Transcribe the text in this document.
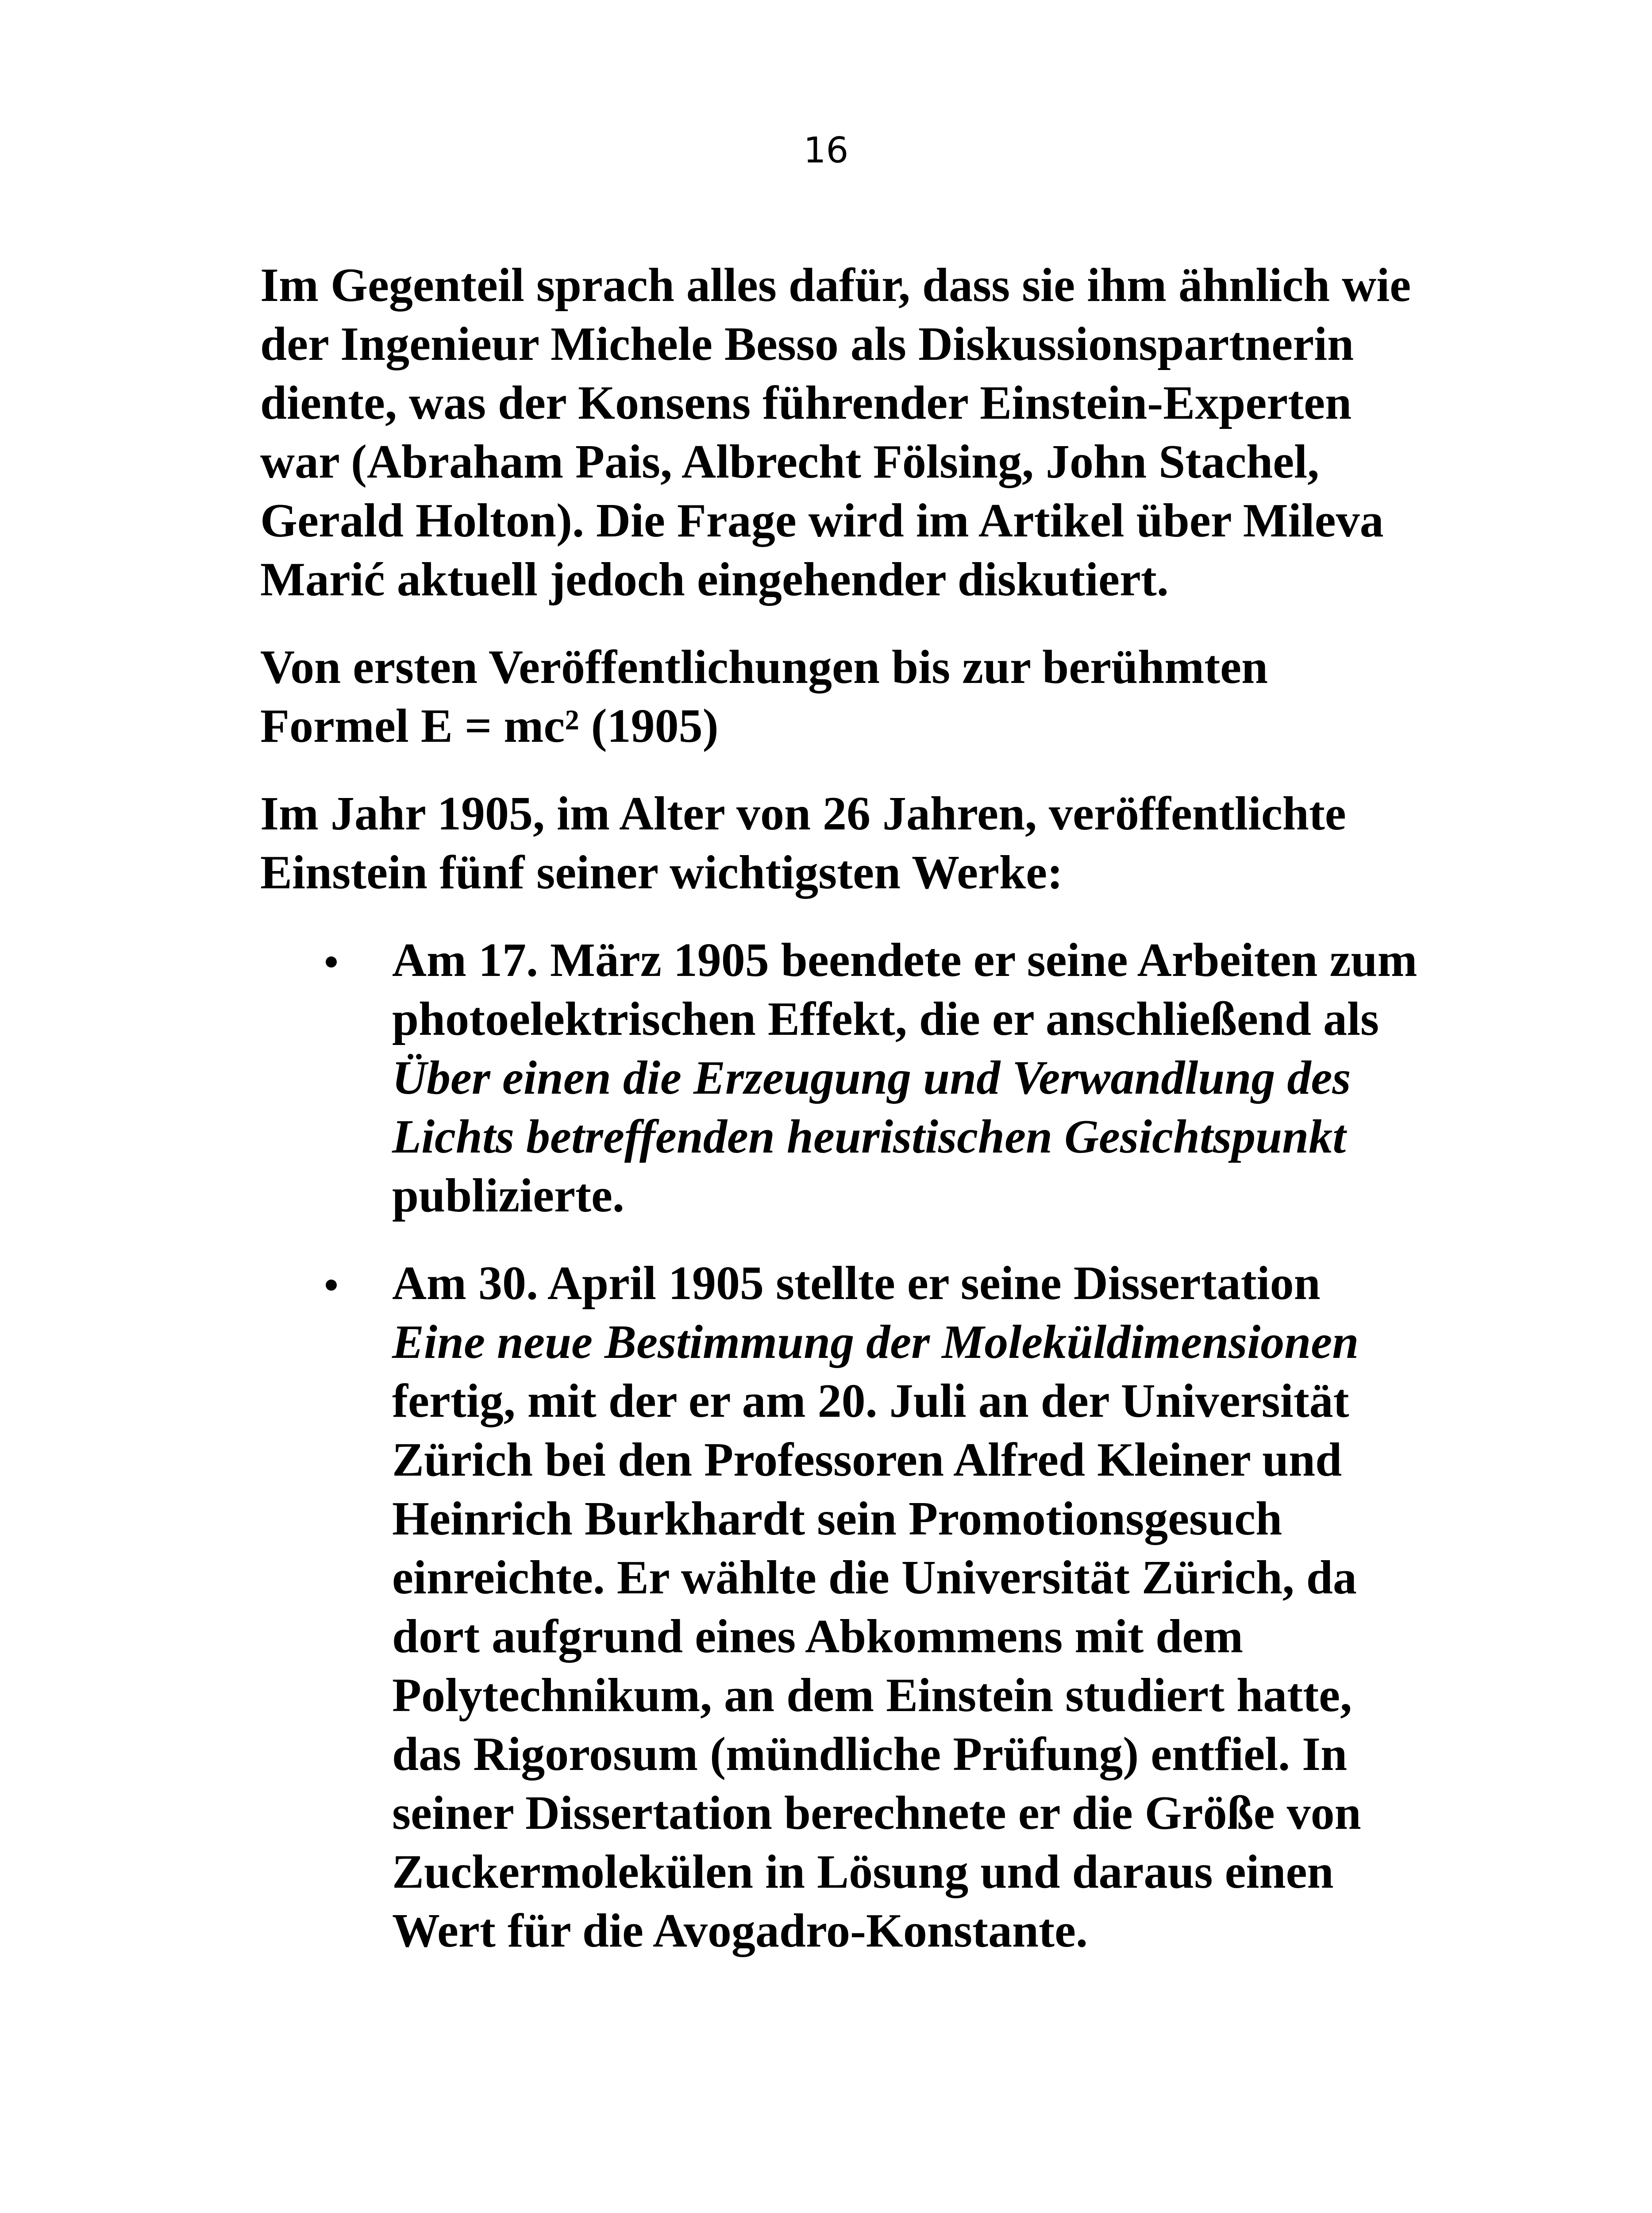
16

Im Gegenteil sprach alles dafür, dass sie ihm ähnlich wie der Ingenieur Michele Besso als Diskussionspartnerin diente, was der Konsens führender Einstein-Experten war (Abraham Pais, Albrecht Fölsing, John Stachel, Gerald Holton). Die Frage wird im Artikel über Mileva Marić aktuell jedoch eingehender diskutiert.

Von ersten Veröffentlichungen bis zur berühmten Formel E = mc² (1905)

Im Jahr 1905, im Alter von 26 Jahren, veröffentlichte Einstein fünf seiner wichtigsten Werke:

Am 17. März 1905 beendete er seine Arbeiten zum photoelektrischen Effekt, die er anschließend als Über einen die Erzeugung und Verwandlung des Lichts betreffenden heuristischen Gesichtspunkt publizierte.
Am 30. April 1905 stellte er seine Dissertation Eine neue Bestimmung der Moleküldimensionen fertig, mit der er am 20. Juli an der Universität Zürich bei den Professoren Alfred Kleiner und Heinrich Burkhardt sein Promotionsgesuch einreichte. Er wählte die Universität Zürich, da dort aufgrund eines Abkommens mit dem Polytechnikum, an dem Einstein studiert hatte, das Rigorosum (mündliche Prüfung) entfiel. In seiner Dissertation berechnete er die Größe von Zuckermolekülen in Lösung und daraus einen Wert für die Avogadro-Konstante.
